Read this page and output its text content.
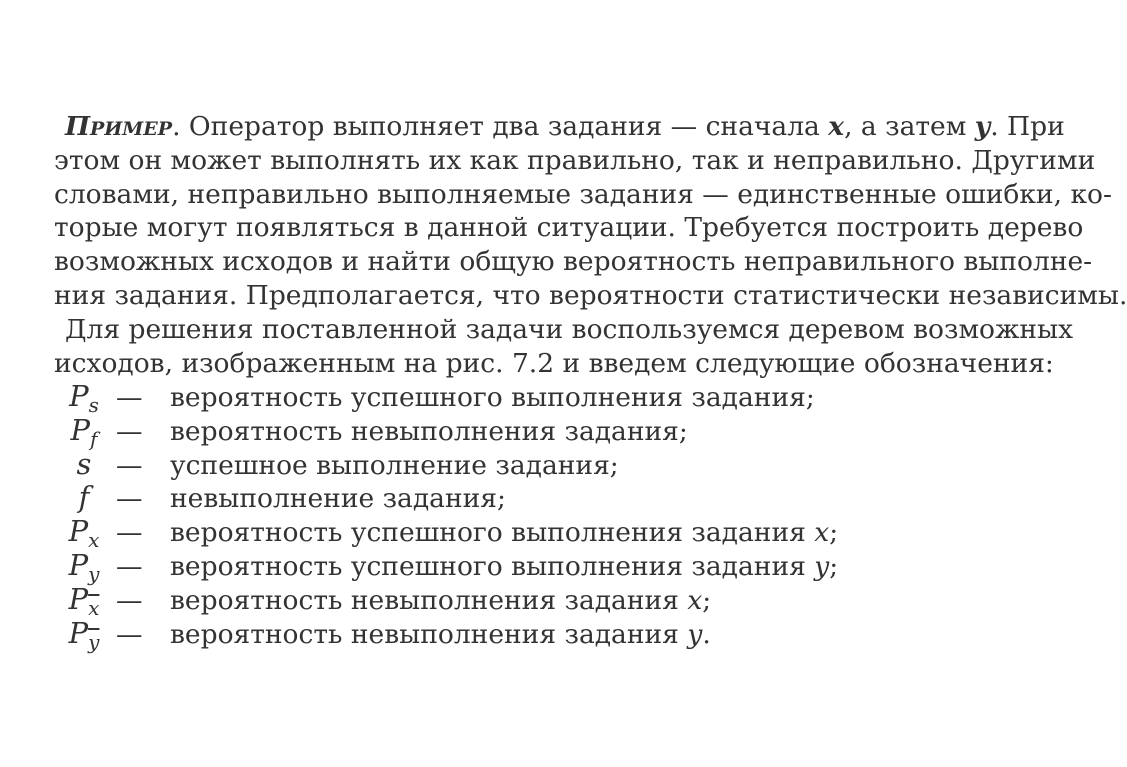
Пример. Оператор выполняет два задания — сначала x, а затем y. При
этом он может выполнять их как правильно, так и неправильно. Другими
словами, неправильно выполняемые задания — единственные ошибки, ко-
торые могут появляться в данной ситуации. Требуется построить дерево
возможных исходов и найти общую вероятность неправильного выполне-
ния задания. Предполагается, что вероятности статистически независимы.
Для решения поставленной задачи воспользуемся деревом возможных
исходов, изображенным на рис. 7.2 и введем следующие обозначения:
$P_s$ —	вероятность успешного выполнения задания;
$P_f$ —	вероятность невыполнения задания;
s —	успешное выполнение задания;
f	—	невыполнение задания;
$P_x$ —	вероятность успешного выполнения задания x;
$P_y$ —	вероятность успешного выполнения задания y;
$P_{\overline{x}}$ —	вероятность невыполнения задания x;
$P_{\overline{y}}$ —	вероятность невыполнения задания y.
